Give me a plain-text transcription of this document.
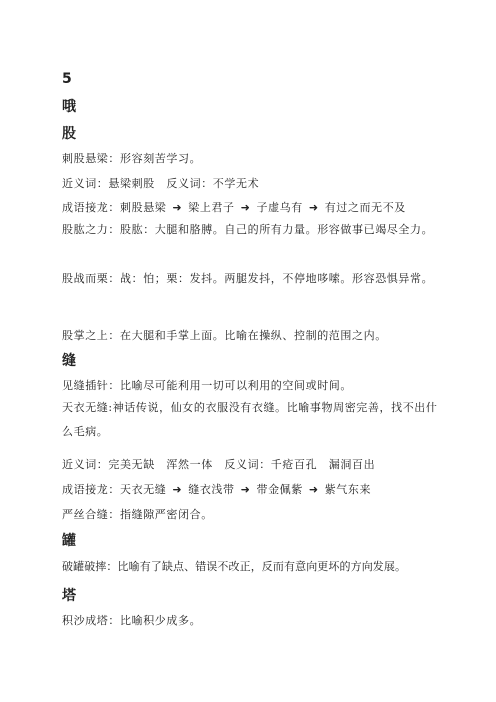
5
哦
股
刺股悬梁：形容刻苦学习。
近义词：悬梁刺股　反义词：不学无术
成语接龙：刺股悬梁 ➜ 梁上君子 ➜ 子虚乌有 ➜ 有过之而无不及
股肱之力：股肱：大腿和胳膊。自己的所有力量。形容做事已竭尽全力。
股战而栗：战：怕；栗：发抖。两腿发抖，不停地哆嗦。形容恐惧异常。
股掌之上：在大腿和手掌上面。比喻在操纵、控制的范围之内。
缝
见缝插针：比喻尽可能利用一切可以利用的空间或时间。
天衣无缝:神话传说，仙女的衣服没有衣缝。比喻事物周密完善，找不出什么毛病。
近义词：完美无缺　浑然一体　反义词：千疮百孔　漏洞百出
成语接龙：天衣无缝 ➜ 缝衣浅带 ➜ 带金佩紫 ➜ 紫气东来
严丝合缝：指缝隙严密闭合。
罐
破罐破摔：比喻有了缺点、错误不改正，反而有意向更坏的方向发展。
塔
积沙成塔：比喻积少成多。
